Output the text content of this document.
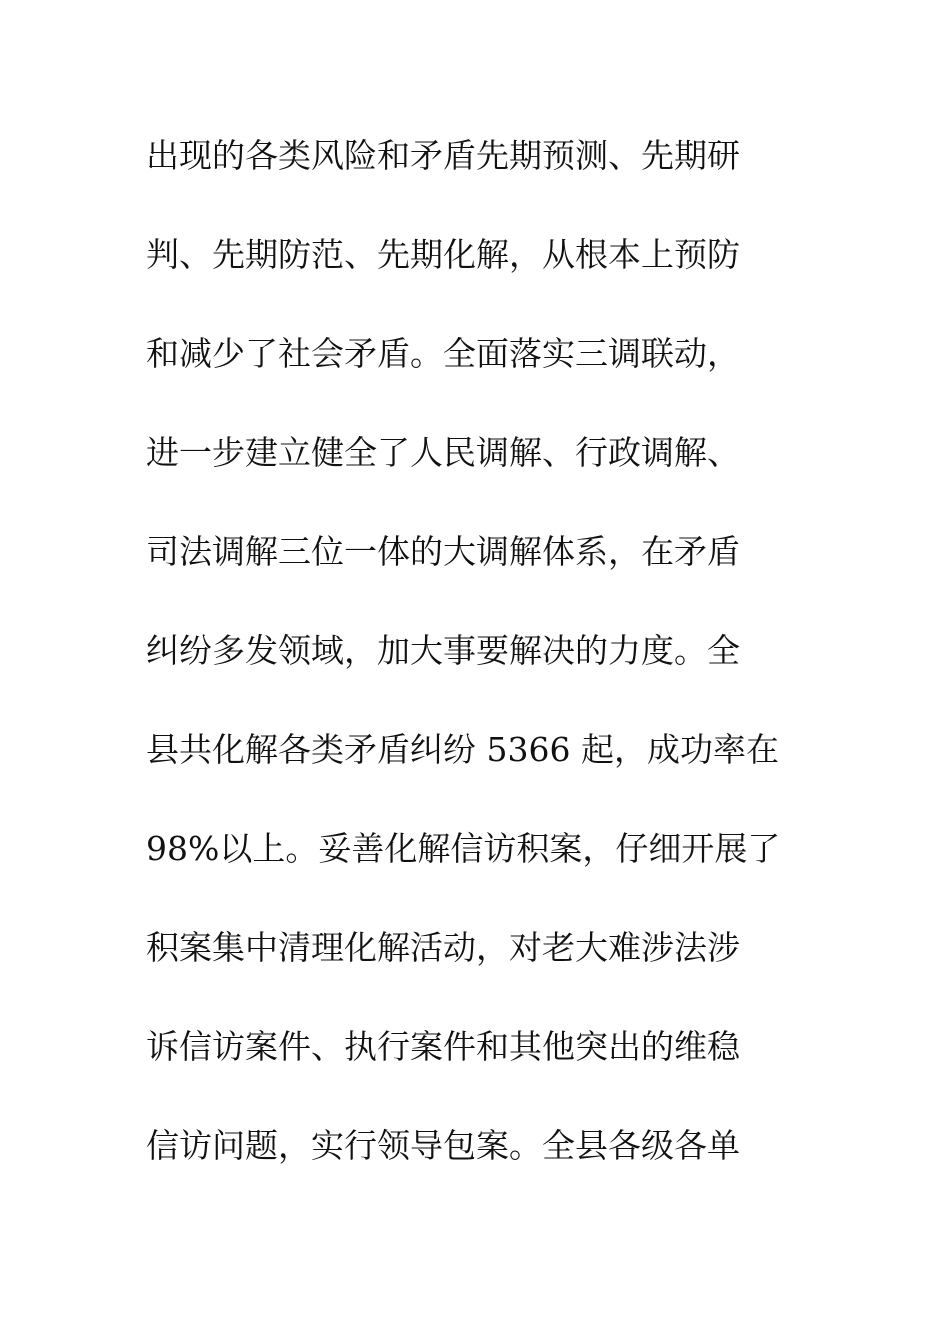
出现的各类风险和矛盾先期预测、先期研
判、先期防范、先期化解，从根本上预防
和减少了社会矛盾。全面落实三调联动，
进一步建立健全了人民调解、行政调解、
司法调解三位一体的大调解体系，在矛盾
纠纷多发领域，加大事要解决的力度。全
县共化解各类矛盾纠纷 5366 起，成功率在
98%以上。妥善化解信访积案，仔细开展了
积案集中清理化解活动，对老大难涉法涉
诉信访案件、执行案件和其他突出的维稳
信访问题，实行领导包案。全县各级各单
